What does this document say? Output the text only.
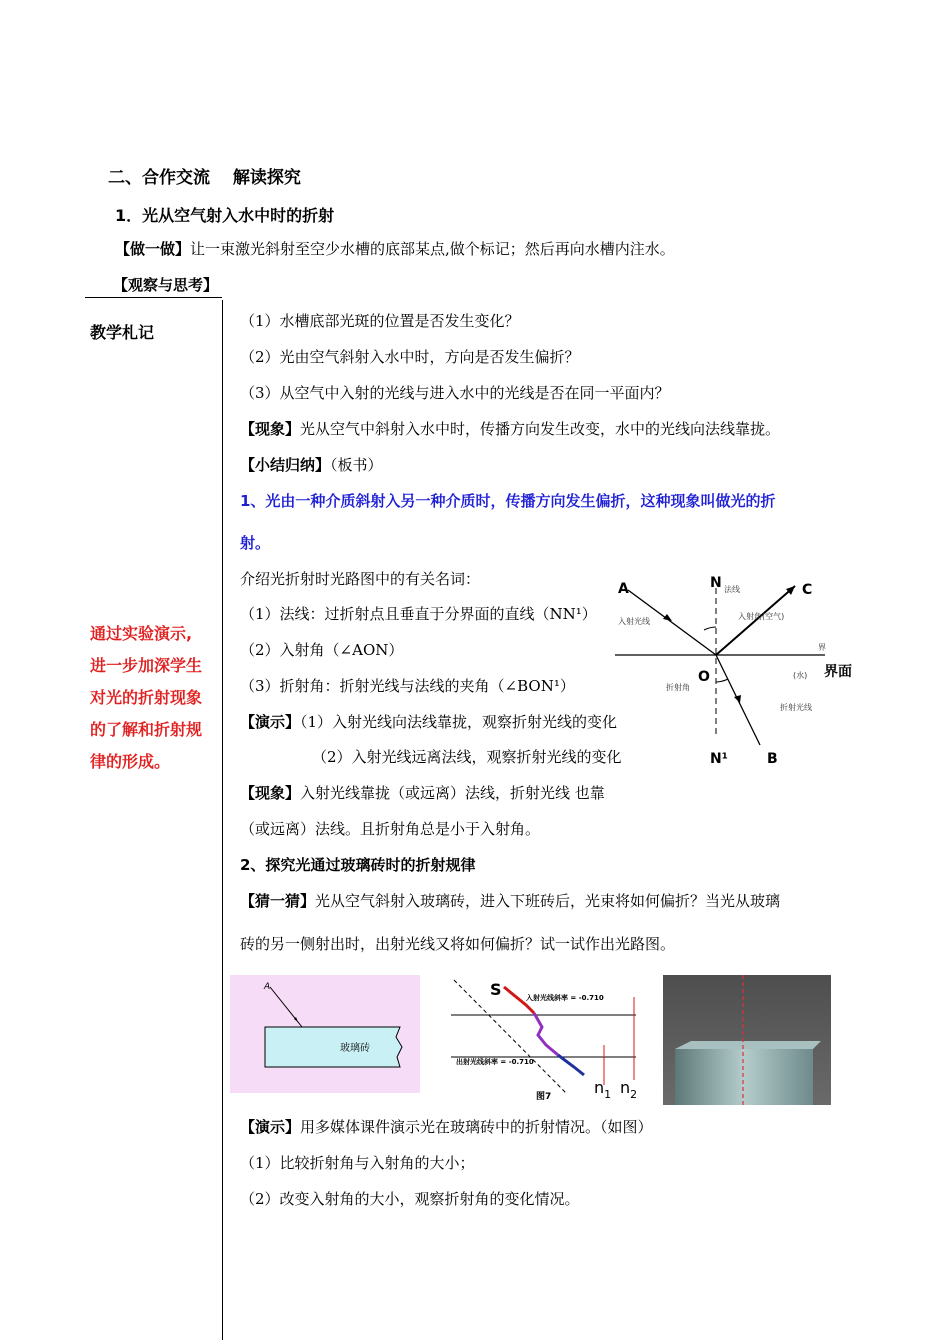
二、合作交流　 解读探究
1．光从空气射入水中时的折射
【做一做】让一束激光斜射至空少水槽的底部某点,做个标记；然后再向水槽内注水。
【观察与思考】
教学札记
（1）水槽底部光斑的位置是否发生变化？
（2）光由空气斜射入水中时，方向是否发生偏折？
（3）从空气中入射的光线与进入水中的光线是否在同一平面内？
【现象】光从空气中斜射入水中时，传播方向发生改变，水中的光线向法线靠拢。
【小结归纳】（板书）
1、光由一种介质斜射入另一种介质时，传播方向发生偏折，这种现象叫做光的折
射。
介绍光折射时光路图中的有关名词：
（1）法线：过折射点且垂直于分界面的直线（NN¹）
（2）入射角（∠AON）
（3）折射角：折射光线与法线的夹角（∠BON¹）
【演示】（1）入射光线向法线靠拢，观察折射光线的变化
（2）入射光线远离法线，观察折射光线的变化
【现象】入射光线靠拢（或远离）法线，折射光线 也靠
（或远离）法线。且折射角总是小于入射角。
通过实验演示,
进一步加深学生
对光的折射现象
的了解和折射规
律的形成。
A	N	C
O
N¹	B
界面
法线
入射光线
入射角(空气)
折射角
(水)
界
折射光线
2、探究光通过玻璃砖时的折射规律
【猜一猜】光从空气斜射入玻璃砖，进入下班砖后，光束将如何偏折？当光从玻璃
砖的另一侧射出时，出射光线又将如何偏折？试一试作出光路图。
A
玻璃砖
S	入射光线斜率 = -0.710
出射光线斜率 = -0.710
$n_1$ $n_2$
图7
【演示】用多媒体课件演示光在玻璃砖中的折射情况。（如图）
（1）比较折射角与入射角的大小；
（2）改变入射角的大小，观察折射角的变化情况。
